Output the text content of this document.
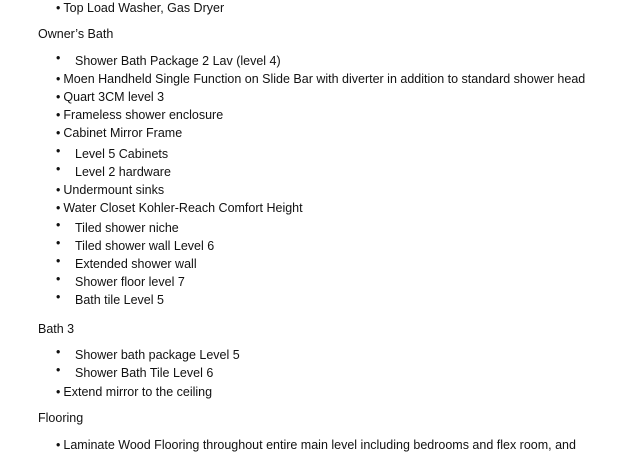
• Top Load Washer, Gas Dryer
Owner’s Bath
• Shower Bath Package 2 Lav (level 4)
• Moen Handheld Single Function on Slide Bar with diverter in addition to standard shower head
• Quart 3CM level 3
• Frameless shower enclosure
• Cabinet Mirror Frame
• Level 5 Cabinets
• Level 2 hardware
• Undermount sinks
• Water Closet Kohler-Reach Comfort Height
• Tiled shower niche
• Tiled shower wall Level 6
• Extended shower wall
• Shower floor level 7
• Bath tile Level 5
Bath 3
• Shower bath package Level 5
• Shower Bath Tile Level 6
• Extend mirror to the ceiling
Flooring
• Laminate Wood Flooring throughout entire main level including bedrooms and flex room, and
